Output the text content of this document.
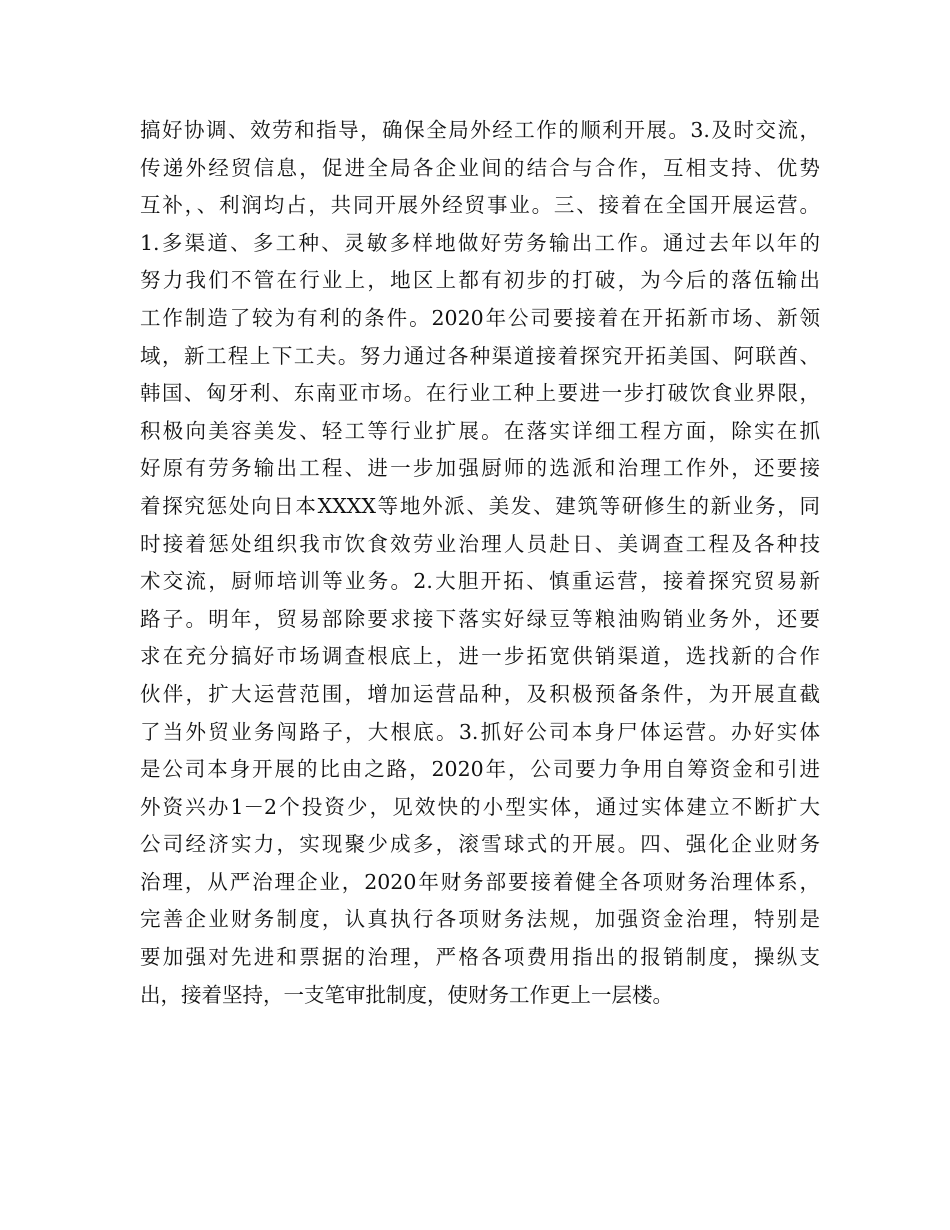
搞好协调、效劳和指导，确保全局外经工作的顺利开展。3.及时交流，
传递外经贸信息，促进全局各企业间的结合与合作，互相支持、优势
互补，、利润均占，共同开展外经贸事业。三、接着在全国开展运营。
1.多渠道、多工种、灵敏多样地做好劳务输出工作。通过去年以年的
努力我们不管在行业上，地区上都有初步的打破，为今后的落伍输出
工作制造了较为有利的条件。2020年公司要接着在开拓新市场、新领
域，新工程上下工夫。努力通过各种渠道接着探究开拓美国、阿联酋、
韩国、匈牙利、东南亚市场。在行业工种上要进一步打破饮食业界限，
积极向美容美发、轻工等行业扩展。在落实详细工程方面，除实在抓
好原有劳务输出工程、进一步加强厨师的选派和治理工作外，还要接
着探究惩处向日本XXXX等地外派、美发、建筑等研修生的新业务，同
时接着惩处组织我市饮食效劳业治理人员赴日、美调查工程及各种技
术交流，厨师培训等业务。2.大胆开拓、慎重运营，接着探究贸易新
路子。明年，贸易部除要求接下落实好绿豆等粮油购销业务外，还要
求在充分搞好市场调查根底上，进一步拓宽供销渠道，选找新的合作
伙伴，扩大运营范围，增加运营品种，及积极预备条件，为开展直截
了当外贸业务闯路子，大根底。3.抓好公司本身尸体运营。办好实体
是公司本身开展的比由之路，2020年，公司要力争用自筹资金和引进
外资兴办1－2个投资少，见效快的小型实体，通过实体建立不断扩大
公司经济实力，实现聚少成多，滚雪球式的开展。四、强化企业财务
治理，从严治理企业，2020年财务部要接着健全各项财务治理体系，
完善企业财务制度，认真执行各项财务法规，加强资金治理，特别是
要加强对先进和票据的治理，严格各项费用指出的报销制度，操纵支
出，接着坚持，一支笔审批制度，使财务工作更上一层楼。
